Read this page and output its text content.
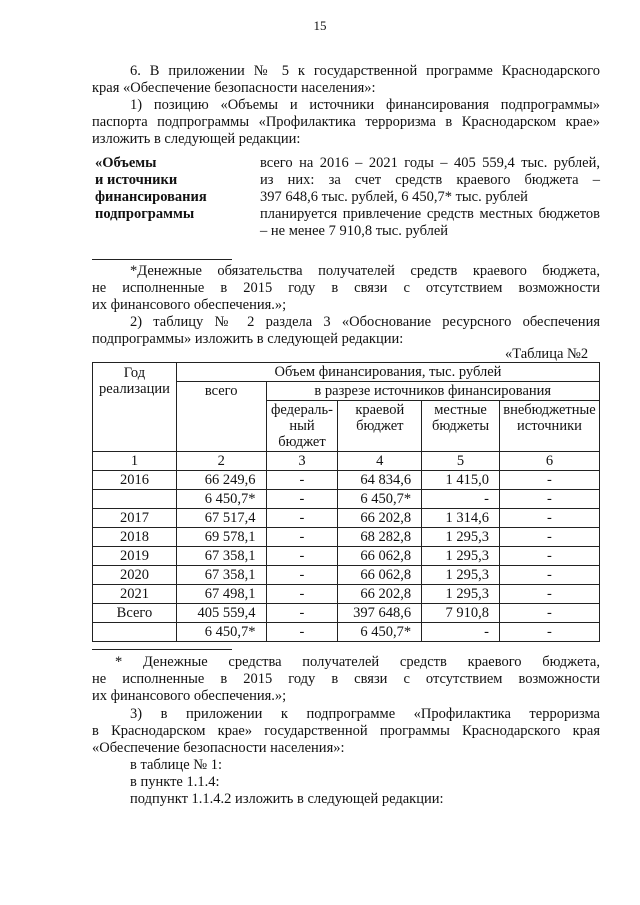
15
6. В приложении № 5 к государственной программе Краснодарского
края «Обеспечение безопасности населения»:
1) позицию «Объемы и источники финансирования подпрограммы»
паспорта подпрограммы «Профилактика терроризма в Краснодарском крае»
изложить в следующей редакции:
«Объемы
и источники
финансирования
подпрограммы
всего на 2016 – 2021 годы – 405 559,4 тыс. рублей,
из них: за счет средств краевого бюджета –
397 648,6 тыс. рублей, 6 450,7* тыс. рублей
планируется привлечение средств местных бюджетов
– не менее 7 910,8 тыс. рублей
*Денежные обязательства получателей средств краевого бюджета,
не исполненные в 2015 году в связи с отсутствием возможности
их финансового обеспечения.»;
2) таблицу № 2 раздела 3 «Обоснование ресурсного обеспечения
подпрограммы» изложить в следующей редакции:
«Таблица №2
Год реализации	Объем финансирования, тыс. рублей				
	всего	в разрезе источников финансирования			
		федераль-ный бюджет	краевой бюджет	местные бюджеты	внебюджетные источники
1	2	3	4	5	6
2016	66 249,6	-	64 834,6	1 415,0	-
	6 450,7*	-	6 450,7*	-	-
2017	67 517,4	-	66 202,8	1 314,6	-
2018	69 578,1	-	68 282,8	1 295,3	-
2019	67 358,1	-	66 062,8	1 295,3	-
2020	67 358,1	-	66 062,8	1 295,3	-
2021	67 498,1	-	66 202,8	1 295,3	-
Всего	405 559,4	-	397 648,6	7 910,8	-
	6 450,7*	-	6 450,7*	-	-
* Денежные средства получателей средств краевого бюджета,
не исполненные в 2015 году в связи с отсутствием возможности
их финансового обеспечения.»;
3) в приложении к подпрограмме «Профилактика терроризма
в Краснодарском крае» государственной программы Краснодарского края
«Обеспечение безопасности населения»:
в таблице № 1:
в пункте 1.1.4:
подпункт 1.1.4.2 изложить в следующей редакции:
